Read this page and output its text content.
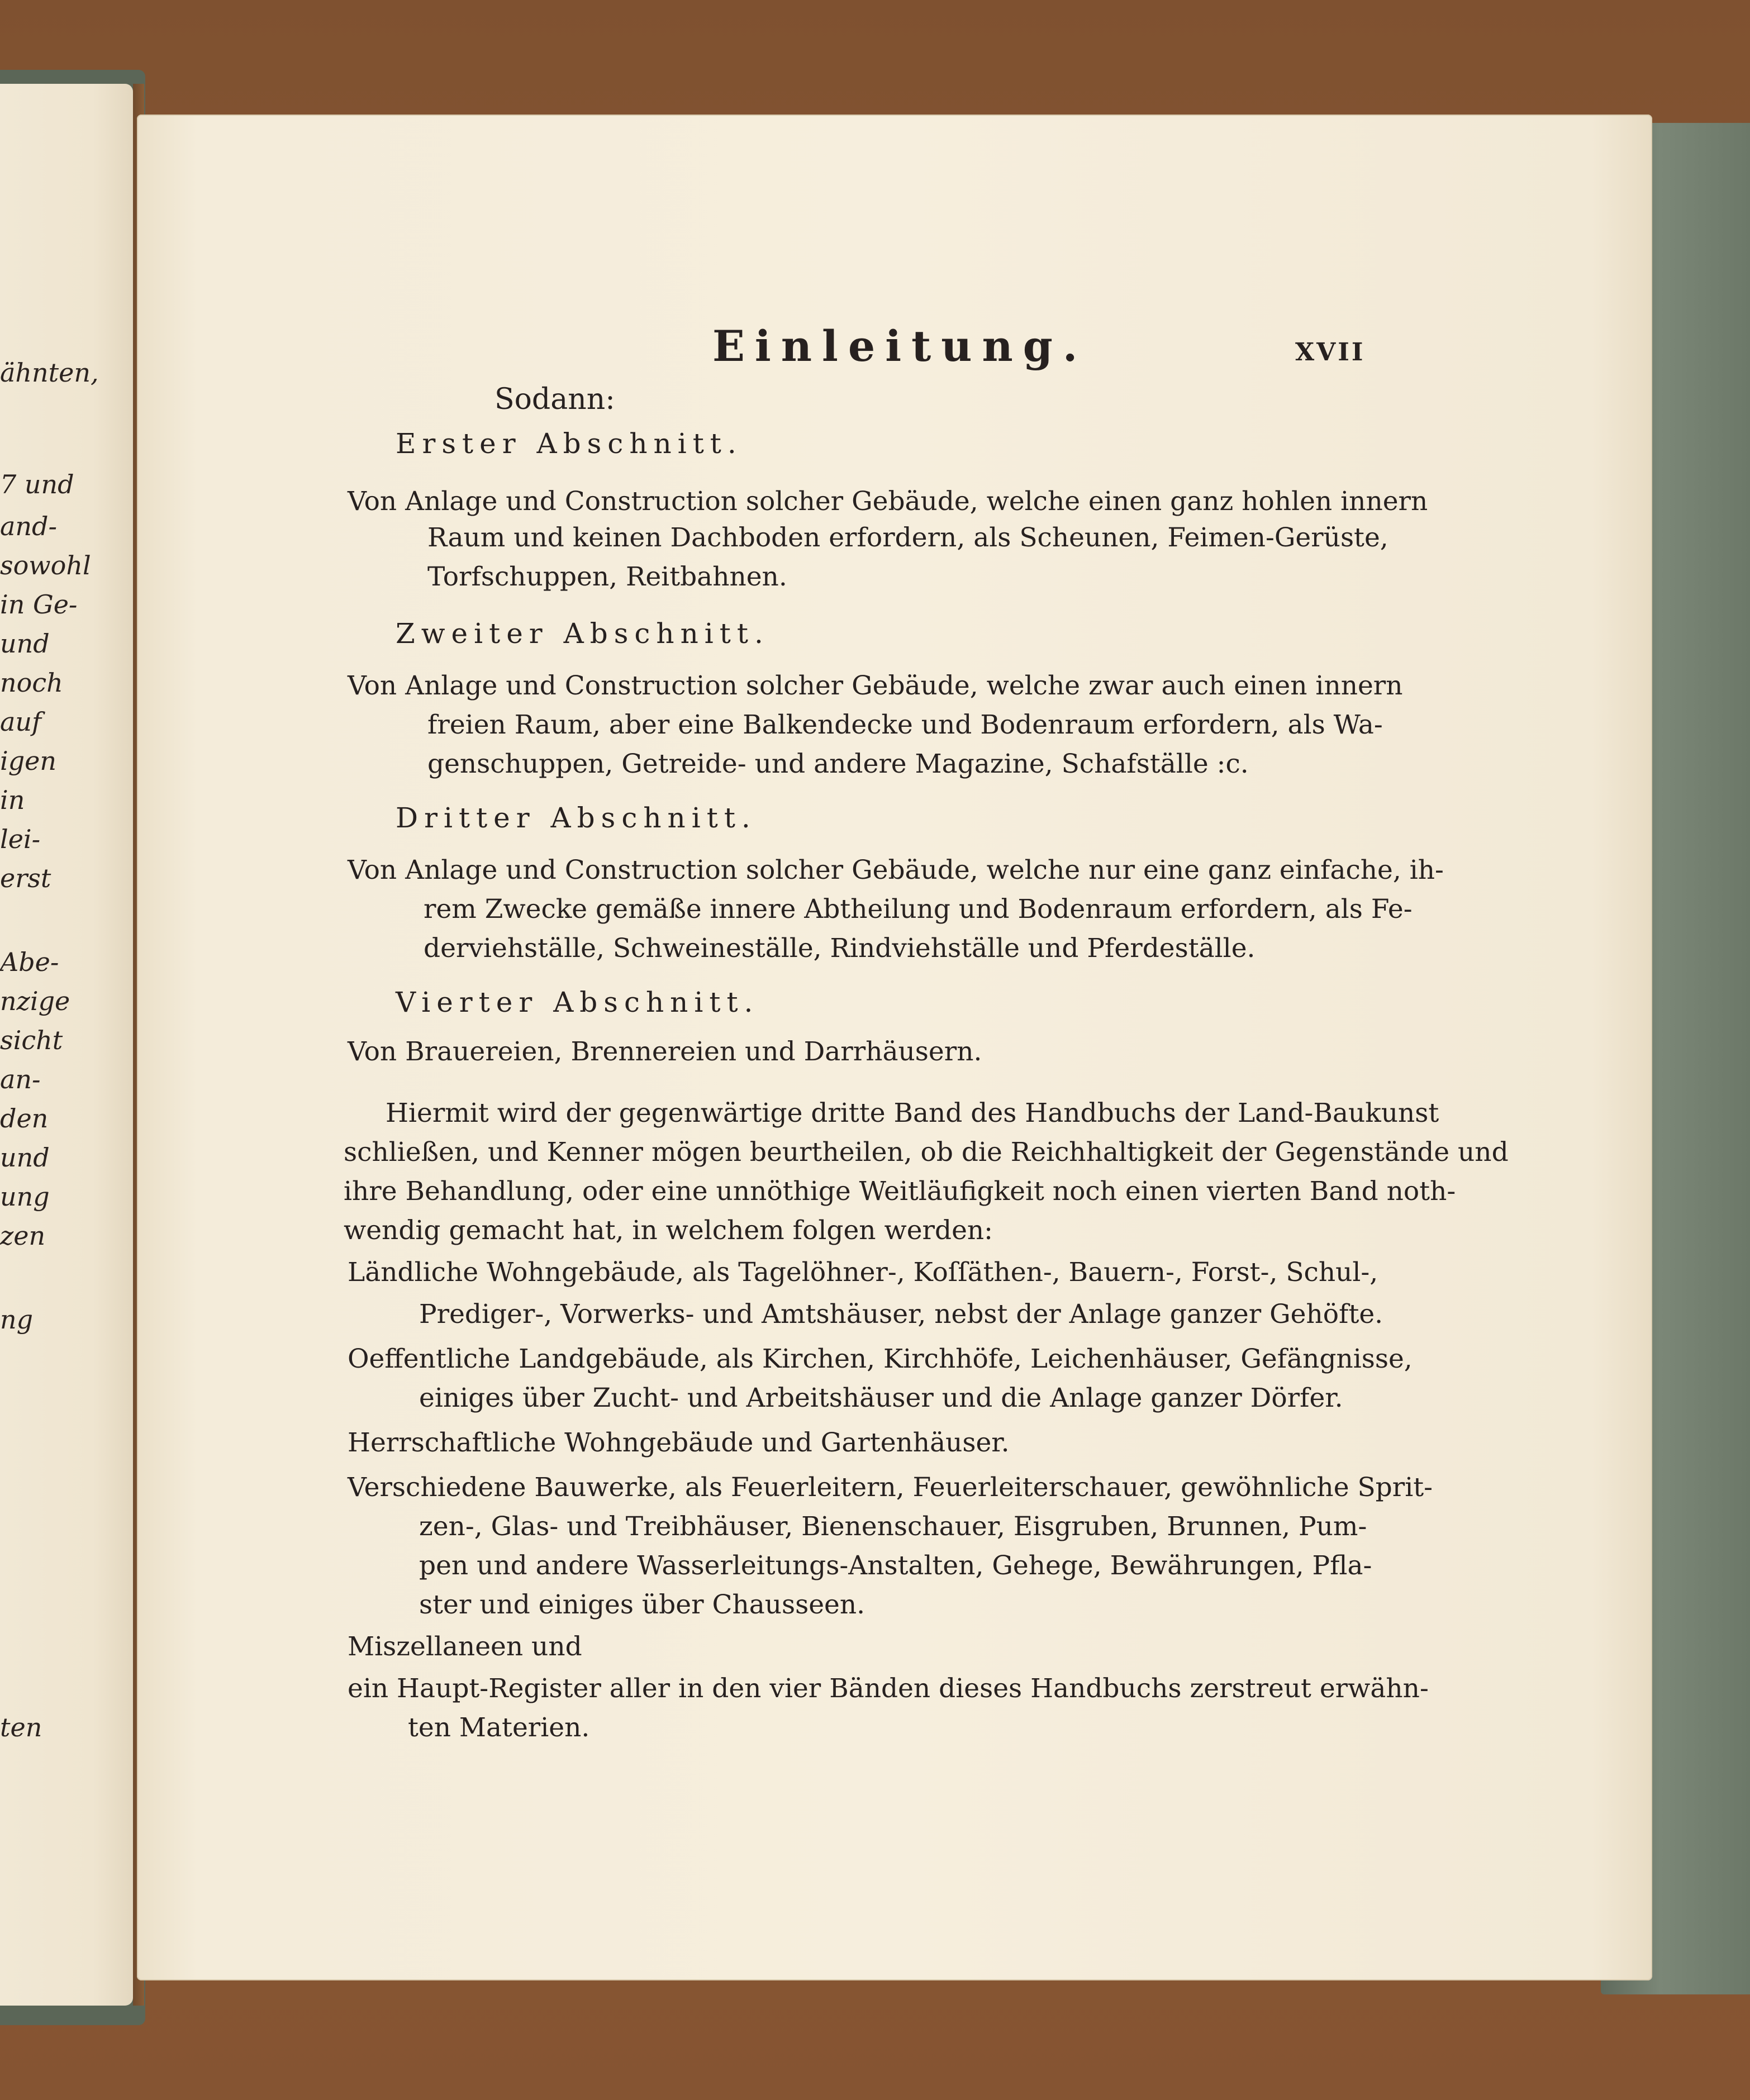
ähnten,
7 und
and-
sowohl
in Ge-
und
noch
auf
igen
in
lei-
erst
Abe-
nzige
sicht
an-
den
und
ung
zen
ng
ten
Einleitung.	XVII
Sodann:
Erster Abschnitt.
Von Anlage und Construction solcher Gebäude, welche einen ganz hohlen innern
Raum und keinen Dachboden erfordern, als Scheunen, Feimen-Gerüste,
Torfschuppen, Reitbahnen.
Zweiter Abschnitt.
Von Anlage und Construction solcher Gebäude, welche zwar auch einen innern
freien Raum, aber eine Balkendecke und Bodenraum erfordern, als Wa-
genschuppen, Getreide- und andere Magazine, Schafställe :c.
Dritter Abschnitt.
Von Anlage und Construction solcher Gebäude, welche nur eine ganz einfache, ih-
rem Zwecke gemäße innere Abtheilung und Bodenraum erfordern, als Fe-
derviehställe, Schweineställe, Rindviehställe und Pferdeställe.
Vierter Abschnitt.
Von Brauereien, Brennereien und Darrhäusern.
Hiermit wird der gegenwärtige dritte Band des Handbuchs der Land-Baukunst
schließen, und Kenner mögen beurtheilen, ob die Reichhaltigkeit der Gegenstände und
ihre Behandlung, oder eine unnöthige Weitläufigkeit noch einen vierten Band noth-
wendig gemacht hat, in welchem folgen werden:
Ländliche Wohngebäude, als Tagelöhner-, Koſſäthen-, Bauern-, Forst-, Schul-,
Prediger-, Vorwerks- und Amtshäuser, nebst der Anlage ganzer Gehöfte.
Oeffentliche Landgebäude, als Kirchen, Kirchhöfe, Leichenhäuser, Gefängnisse,
einiges über Zucht- und Arbeitshäuser und die Anlage ganzer Dörfer.
Herrschaftliche Wohngebäude und Gartenhäuser.
Verschiedene Bauwerke, als Feuerleitern, Feuerleiterschauer, gewöhnliche Sprit-
zen-, Glas- und Treibhäuser, Bienenschauer, Eisgruben, Brunnen, Pum-
pen und andere Wasserleitungs-Anstalten, Gehege, Bewährungen, Pfla-
ster und einiges über Chausseen.
Miszellaneen und
ein Haupt-Register aller in den vier Bänden dieses Handbuchs zerstreut erwähn-
ten Materien.
